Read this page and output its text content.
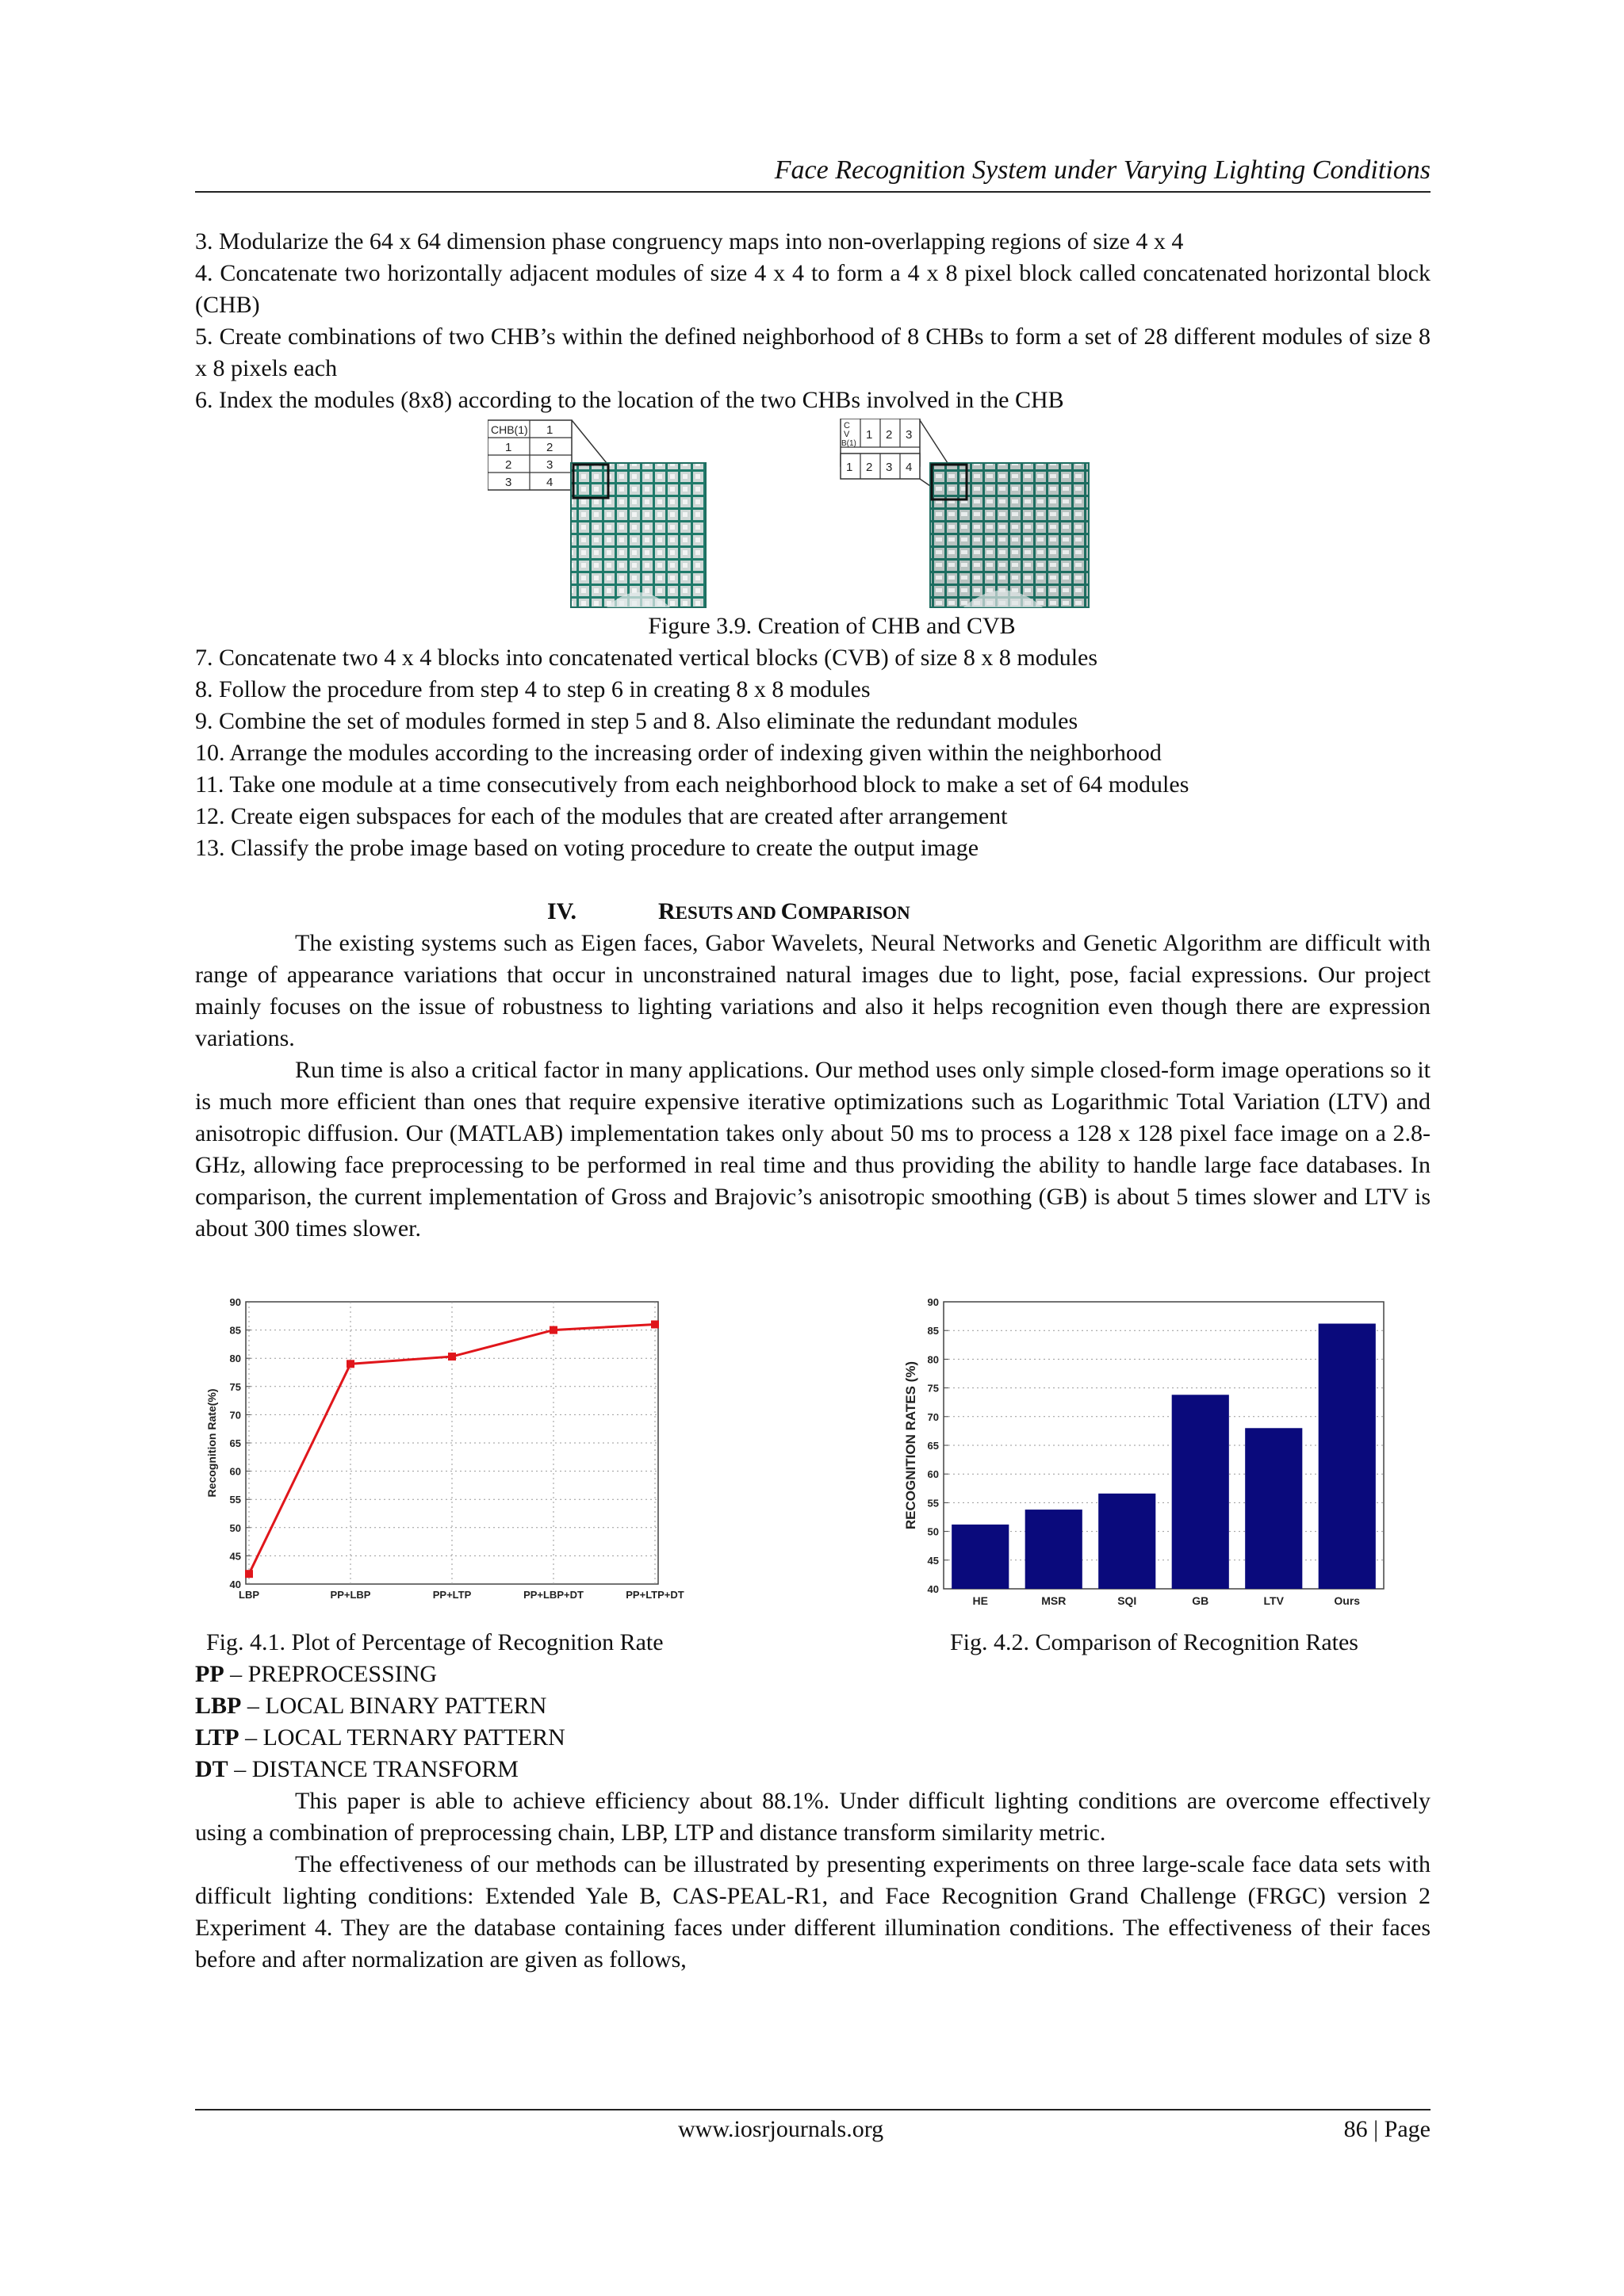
Face Recognition System under Varying Lighting Conditions
3. Modularize the 64 x 64 dimension phase congruency maps into non-overlapping regions of size 4 x 4
4. Concatenate two horizontally adjacent modules of size 4 x 4 to form a 4 x 8 pixel block called concatenated horizontal block (CHB)
5. Create combinations of two CHB’s within the defined neighborhood of 8 CHBs to form a set of 28 different modules of size 8 x 8 pixels each
6. Index the modules (8x8) according to the location of the two CHBs involved in the CHB
CHB(1) 1
1	2
2	3
3	4
C
V
B(1)
1 2 3
1 2 3 4
Figure 3.9. Creation of CHB and CVB
7. Concatenate two 4 x 4 blocks into concatenated vertical blocks (CVB) of size 8 x 8 modules
8. Follow the procedure from step 4 to step 6 in creating 8 x 8 modules
9. Combine the set of modules formed in step 5 and 8. Also eliminate the redundant modules
10. Arrange the modules according to the increasing order of indexing given within the neighborhood
11. Take one module at a time consecutively from each neighborhood block to make a set of 64 modules
12. Create eigen subspaces for each of the modules that are created after arrangement
13. Classify the probe image based on voting procedure to create the output image
IV.	RESUTS AND COMPARISON

The existing systems such as Eigen faces, Gabor Wavelets, Neural Networks and Genetic Algorithm are difficult with range of appearance variations that occur in unconstrained natural images due to light, pose, facial expressions. Our project mainly focuses on the issue of robustness to lighting variations and also it helps recognition even though there are expression variations.

Run time is also a critical factor in many applications. Our method uses only simple closed-form image operations so it is much more efficient than ones that require expensive iterative optimizations such as Logarithmic Total Variation (LTV) and anisotropic diffusion. Our (MATLAB) implementation takes only about 50 ms to process a 128 x 128 pixel face image on a 2.8-GHz, allowing face preprocessing to be performed in real time and thus providing the ability to handle large face databases. In comparison, the current implementation of Gross and Brajovic’s anisotropic smoothing (GB) is about 5 times slower and LTV is about 300 times slower.

40
45
50
55
60
65
70
75
80
85
90
Recognition Rate(%)
LBP	PP+LBP	PP+LTP	PP+LBP+DT	PP+LTP+DT	40
45
50
55
60
65
70
75
80
85
90
RECOGNITION RATES (%)
HE	MSR	SQI	GB	LTV	Ours
Fig. 4.1. Plot of Percentage of Recognition Rate	Fig. 4.2. Comparison of Recognition Rates
PP – PREPROCESSING
LBP – LOCAL BINARY PATTERN
LTP – LOCAL TERNARY PATTERN
DT – DISTANCE TRANSFORM

This paper is able to achieve efficiency about 88.1%. Under difficult lighting conditions are overcome effectively using a combination of preprocessing chain, LBP, LTP and distance transform similarity metric.

The effectiveness of our methods can be illustrated by presenting experiments on three large-scale face data sets with difficult lighting conditions: Extended Yale B, CAS-PEAL-R1, and Face Recognition Grand Challenge (FRGC) version 2 Experiment 4. They are the database containing faces under different illumination conditions. The effectiveness of their faces before and after normalization are given as follows,

www.iosrjournals.org	86 | Page
